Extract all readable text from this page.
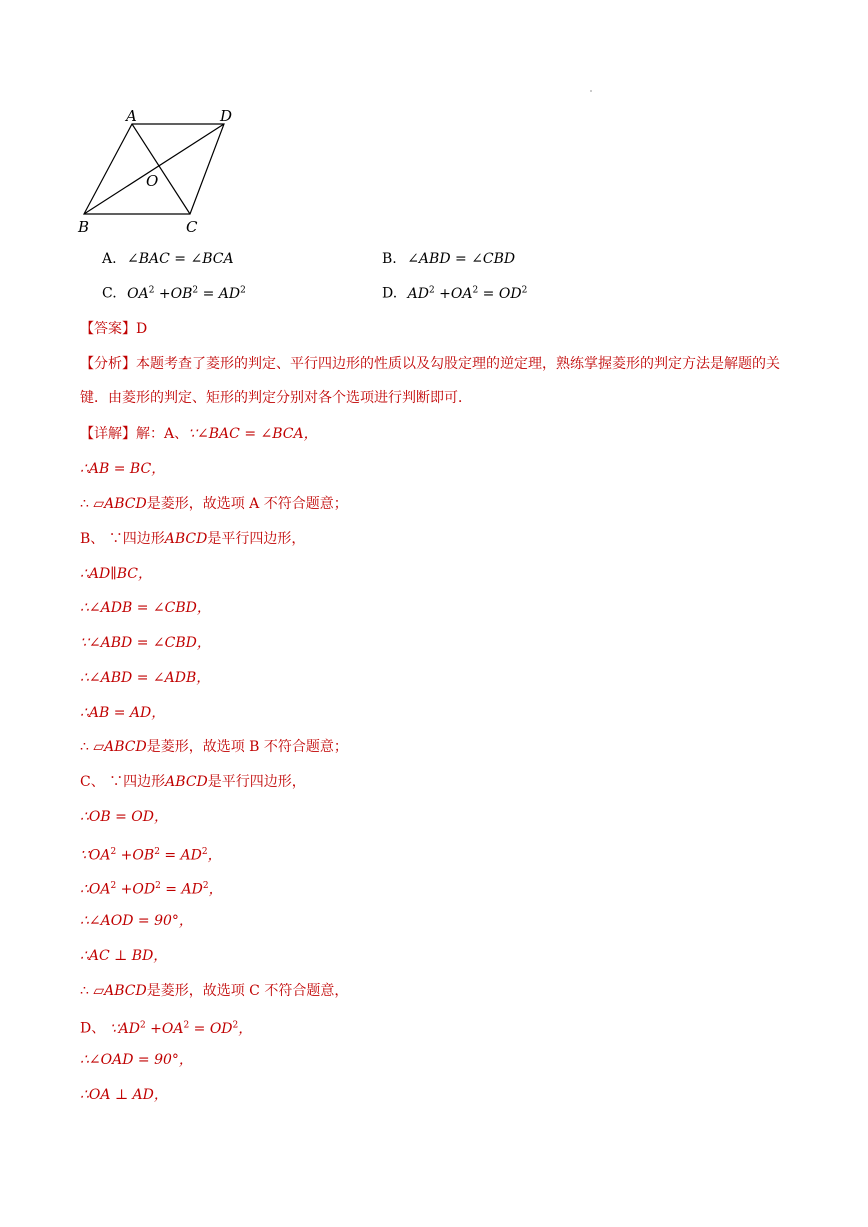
A	D
O
B	C
A. ∠BAC = ∠BCA	B. ∠ABD = ∠CBD
C. $OA^2 +OB^2 = AD^2$	D. $AD^2 +OA^2 = OD^2$
【答案】D
【分析】本题考查了菱形的判定、平行四边形的性质以及勾股定理的逆定理，熟练掌握菱形的判定方法是解题的关键．由菱形的判定、矩形的判定分别对各个选项进行判断即可．
【详解】解：A、∵∠BAC = ∠BCA，
∴AB = BC，
∴ ▱ABCD是菱形，故选项 A 不符合题意；
B、 ∵四边形ABCD是平行四边形，
∴AD∥BC，
∴∠ADB = ∠CBD，
∵∠ABD = ∠CBD，
∴∠ABD = ∠ADB，
∴AB = AD，
∴ ▱ABCD是菱形，故选项 B 不符合题意；
C、 ∵四边形ABCD是平行四边形，
∴OB = OD，
$\because OA^2 +OB^2 = AD^2$，
$\therefore OA^2 +OD^2 = AD^2$，
∴∠AOD = 90°，
∴AC ⊥ BD，
∴ ▱ABCD是菱形，故选项 C 不符合题意，
D、 $\because AD^2 +OA^2 = OD^2$，
∴∠OAD = 90°，
∴OA ⊥ AD，
